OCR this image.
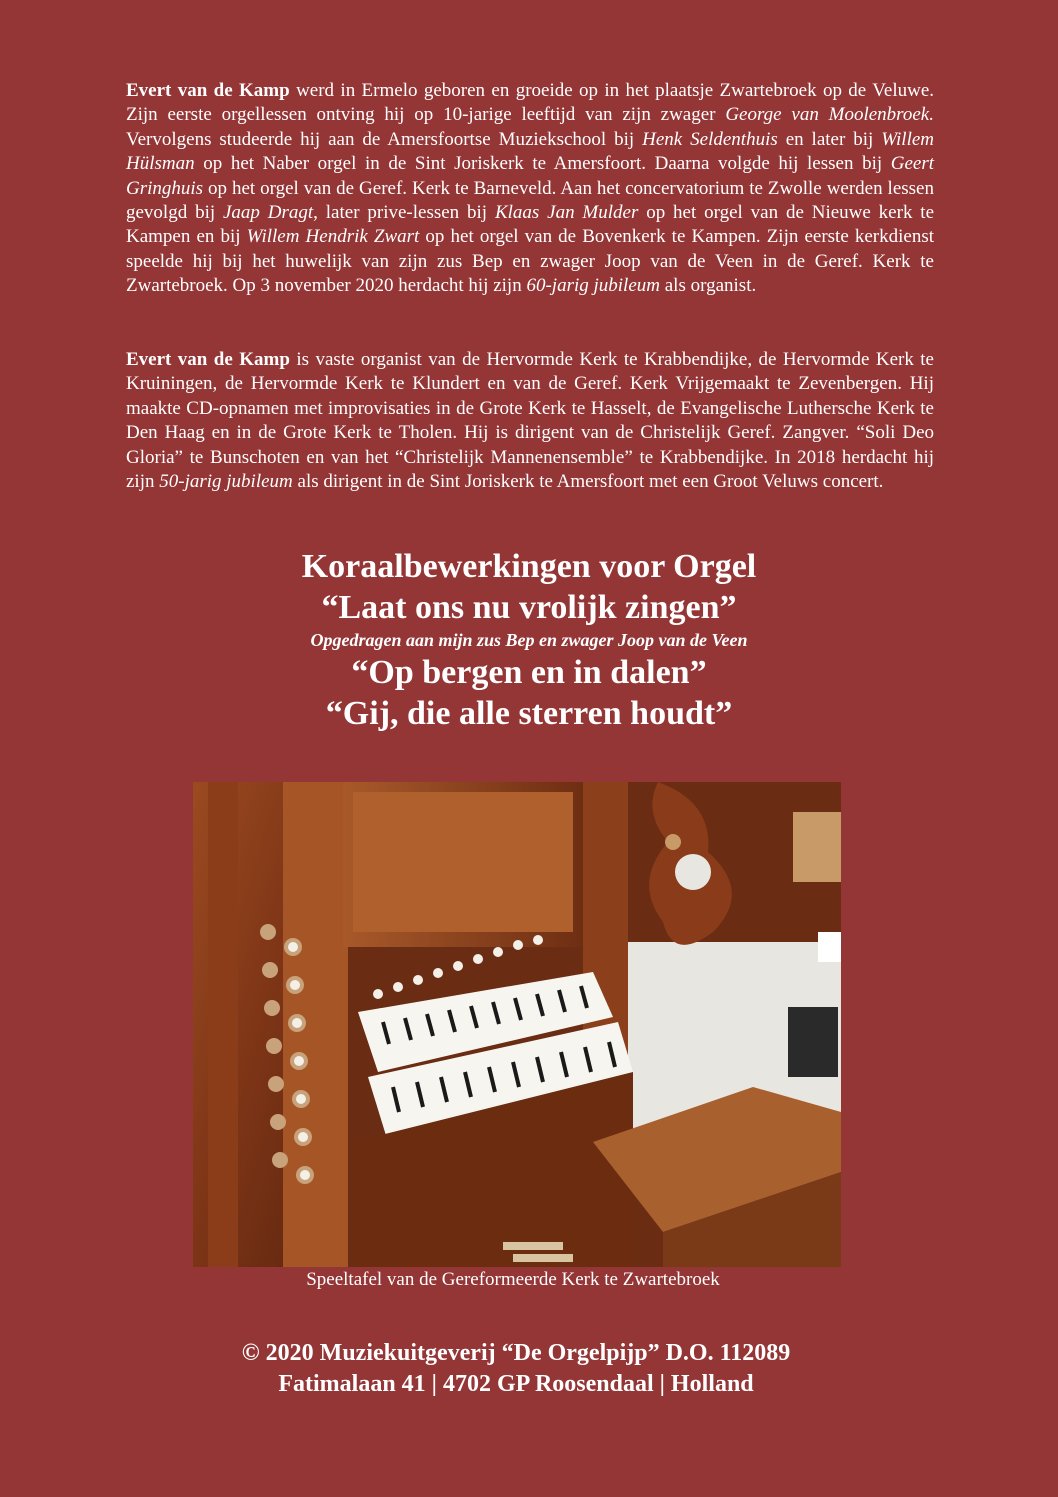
Evert van de Kamp werd in Ermelo geboren en groeide op in het plaatsje Zwartebroek op de Veluwe. Zijn eerste orgellessen ontving hij op 10-jarige leeftijd van zijn zwager George van Moolenbroek. Vervolgens studeerde hij aan de Amersfoortse Muziekschool bij Henk Seldenthuis en later bij Willem Hülsman op het Naber orgel in de Sint Joriskerk te Amersfoort. Daarna volgde hij lessen bij Geert Gringhuis op het orgel van de Geref. Kerk te Barneveld. Aan het concervatorium te Zwolle werden lessen gevolgd bij Jaap Dragt, later prive-lessen bij Klaas Jan Mulder op het orgel van de Nieuwe kerk te Kampen en bij Willem Hendrik Zwart op het orgel van de Bovenkerk te Kampen. Zijn eerste kerkdienst speelde hij bij het huwelijk van zijn zus Bep en zwager Joop van de Veen in de Geref. Kerk te Zwartebroek. Op 3 november 2020 herdacht hij zijn 60-jarig jubileum als organist.

Evert van de Kamp is vaste organist van de Hervormde Kerk te Krabbendijke, de Hervormde Kerk te Kruiningen, de Hervormde Kerk te Klundert en van de Geref. Kerk Vrijgemaakt te Zevenbergen. Hij maakte CD-opnamen met improvisaties in de Grote Kerk te Hasselt, de Evangelische Luthersche Kerk te Den Haag en in de Grote Kerk te Tholen. Hij is dirigent van de Christelijk Geref. Zangver. “Soli Deo Gloria” te Bunschoten en van het “Christelijk Mannenensemble” te Krabbendijke. In 2018 herdacht hij zijn 50-jarig jubileum als dirigent in de Sint Joriskerk te Amersfoort met een Groot Veluws concert.

Koraalbewerkingen voor Orgel
“Laat ons nu vrolijk zingen”
Opgedragen aan mijn zus Bep en zwager Joop van de Veen
“Op bergen en in dalen”
“Gij, die alle sterren houdt”
Speeltafel van de Gereformeerde Kerk te Zwartebroek
© 2020 Muziekuitgeverij “De Orgelpijp” D.O. 112089
Fatimalaan 41 | 4702 GP Roosendaal | Holland
